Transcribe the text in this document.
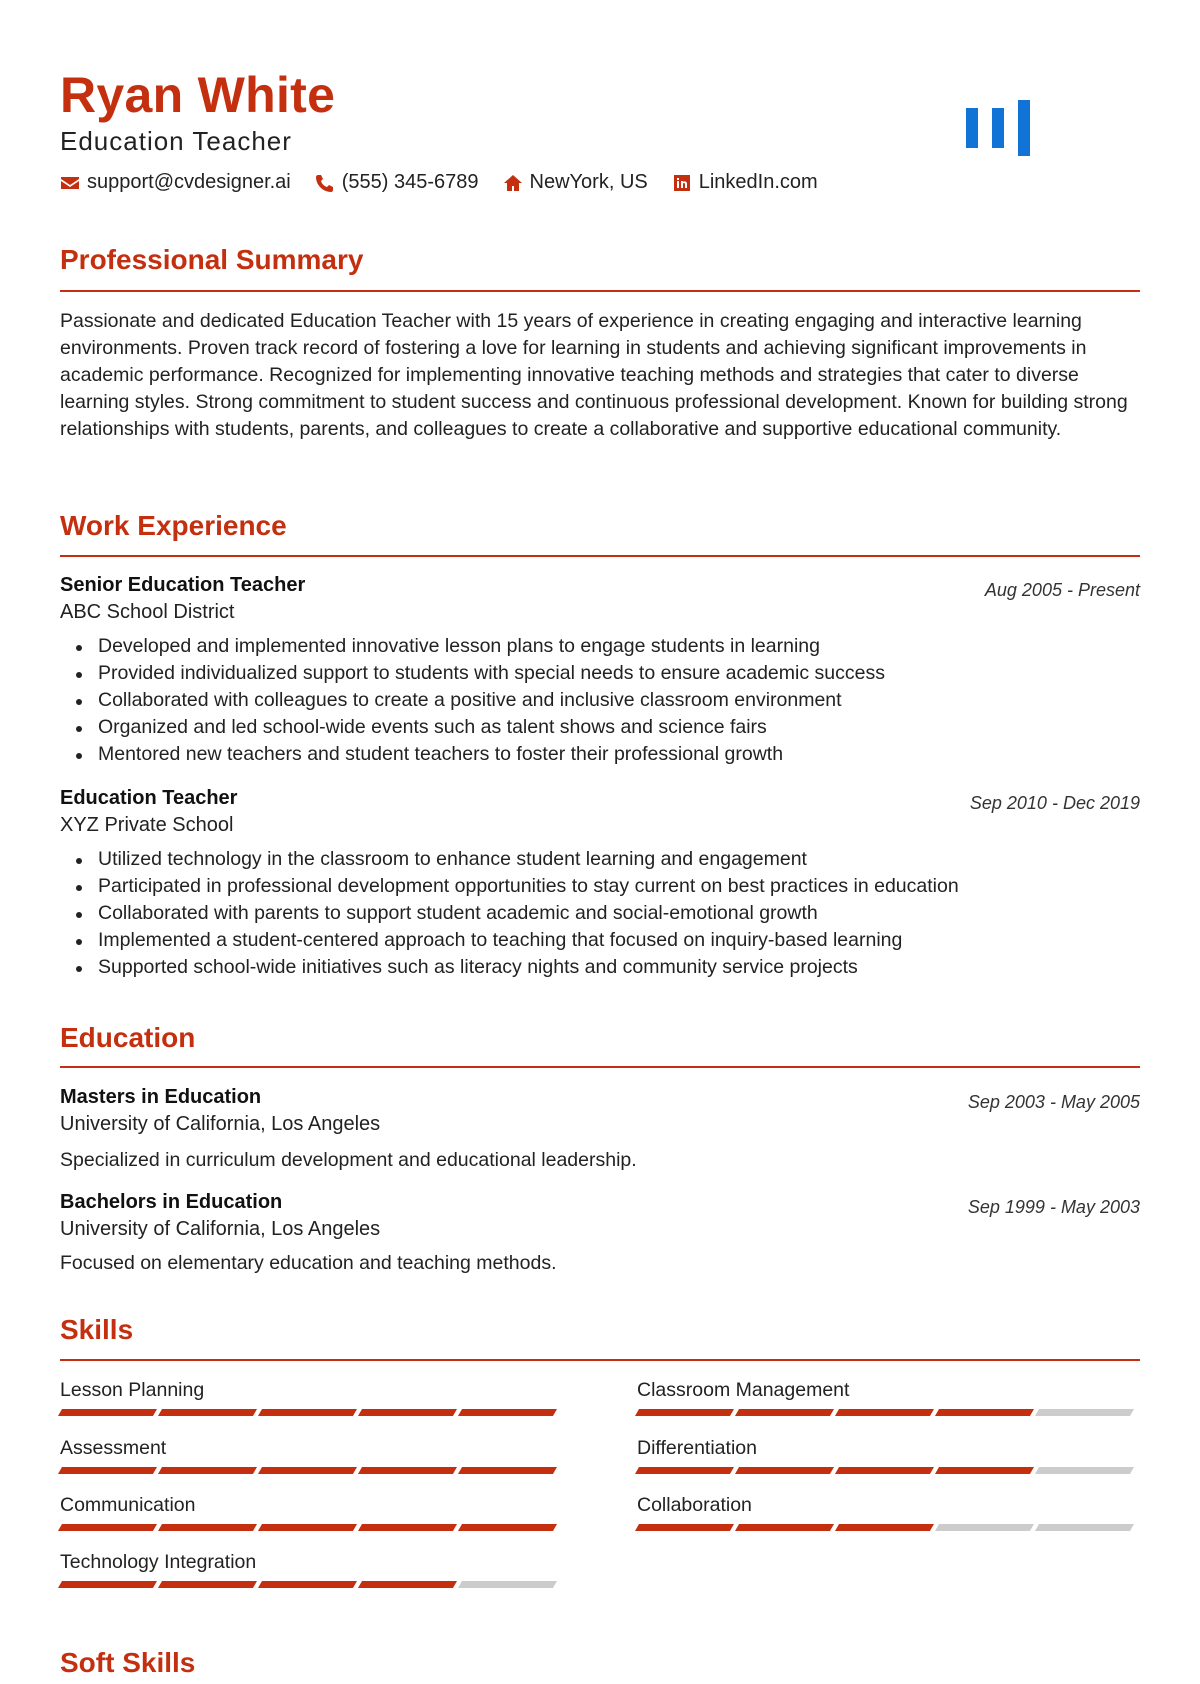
Ryan White
Education Teacher
support@cvdesigner.ai	(555) 345-6789	NewYork, US	LinkedIn.com
Professional Summary
Passionate and dedicated Education Teacher with 15 years of experience in creating engaging and interactive learning environments. Proven track record of fostering a love for learning in students and achieving significant improvements in academic performance. Recognized for implementing innovative teaching methods and strategies that cater to diverse learning styles. Strong commitment to student success and continuous professional development. Known for building strong relationships with students, parents, and colleagues to create a collaborative and supportive educational community.
Work Experience
Senior Education Teacher	Aug 2005 - Present
ABC School District
Developed and implemented innovative lesson plans to engage students in learning
Provided individualized support to students with special needs to ensure academic success
Collaborated with colleagues to create a positive and inclusive classroom environment
Organized and led school-wide events such as talent shows and science fairs
Mentored new teachers and student teachers to foster their professional growth
Education Teacher	Sep 2010 - Dec 2019
XYZ Private School
Utilized technology in the classroom to enhance student learning and engagement
Participated in professional development opportunities to stay current on best practices in education
Collaborated with parents to support student academic and social-emotional growth
Implemented a student-centered approach to teaching that focused on inquiry-based learning
Supported school-wide initiatives such as literacy nights and community service projects
Education
Masters in Education	Sep 2003 - May 2005
University of California, Los Angeles
Specialized in curriculum development and educational leadership.
Bachelors in Education	Sep 1999 - May 2003
University of California, Los Angeles
Focused on elementary education and teaching methods.
Skills
Lesson Planning	Classroom Management
Assessment	Differentiation
Communication	Collaboration
Technology Integration
Soft Skills
